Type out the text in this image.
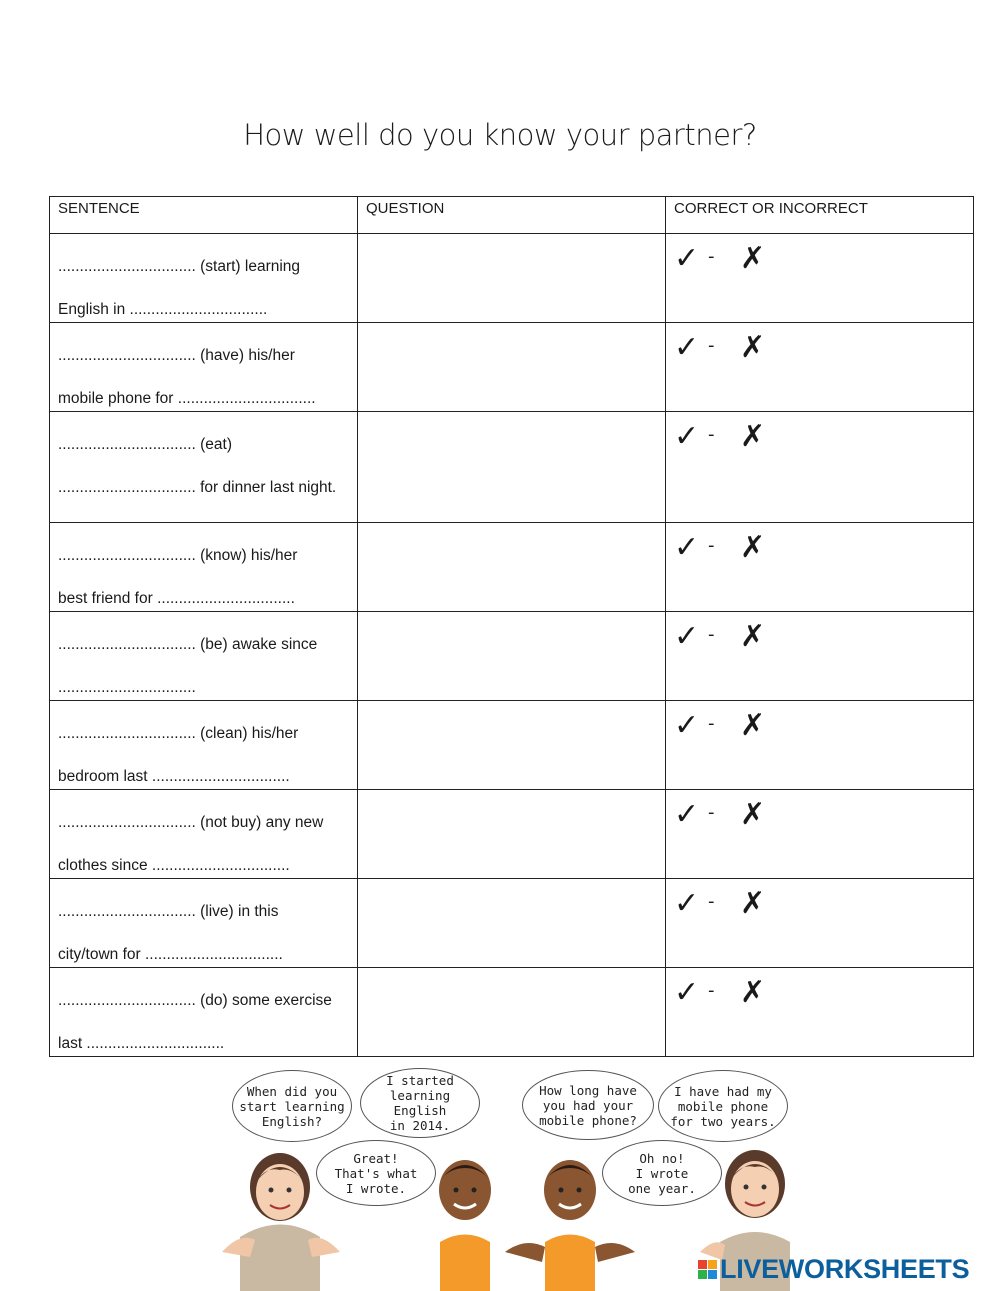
How well do you know your partner?
SENTENCE	QUESTION	CORRECT OR INCORRECT

................................ (start) learning
English in ................................		✓ - ✗

................................ (have) his/her
mobile phone for ................................		✓ - ✗

................................ (eat)
................................ for dinner last night.		✓ - ✗

................................ (know) his/her
best friend for ................................		✓ - ✗

................................ (be) awake since
................................		✓ - ✗

................................ (clean) his/her
bedroom last ................................		✓ - ✗

................................ (not buy) any new
clothes since ................................		✓ - ✗

................................ (live) in this
city/town for ................................		✓ - ✗

................................ (do) some exercise
last ................................		✓ - ✗
When did you
start learning
English?
I started
learning English
in 2014.
Great!
That's what
I wrote.
How long have
you had your
mobile phone?
I have had my
mobile phone
for two years.
Oh no!
I wrote
one year.
LIVEWORKSHEETS
